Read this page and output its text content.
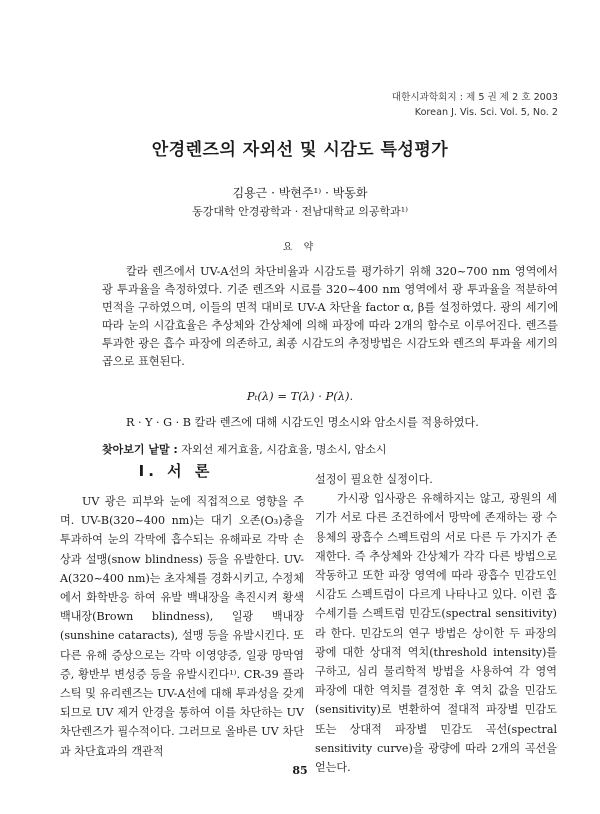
대한시과학회지 : 제 5 권 제 2 호 2003
Korean J. Vis. Sci. Vol. 5, No. 2
안경렌즈의 자외선 및 시감도 특성평가
김용근 · 박현주¹⁾ · 박동화
동강대학 안경광학과 · 전남대학교 의공학과¹⁾
요 약

칼라 렌즈에서 UV-A선의 차단비율과 시감도를 평가하기 위해 320~700 nm 영역에서 광 투과율을 측정하였다. 기준 렌즈와 시료를 320~400 nm 영역에서 광 투과율을 적분하여 면적을 구하였으며, 이들의 면적 대비로 UV-A 차단율 factor α, β를 설정하였다. 광의 세기에 따라 눈의 시감효율은 추상체와 간상체에 의해 파장에 따라 2개의 함수로 이루어진다. 렌즈를 투과한 광은 흡수 파장에 의존하고, 최종 시감도의 추정방법은 시감도와 렌즈의 투과율 세기의 곱으로 표현된다.

Pₜ(λ) = T(λ) · P(λ).
R · Y · G · B 칼라 렌즈에 대해 시감도인 명소시와 암소시를 적용하였다.
찾아보기 낱말 : 자외선 제거효율, 시감효율, 명소시, 암소시
I. 서 론

UV 광은 피부와 눈에 직접적으로 영향을 주며. UV-B(320~400 nm)는 대기 오존(O₃)층을 투과하여 눈의 각막에 흡수되는 유해파로 각막 손상과 설맹(snow blindness) 등을 유발한다. UV-A(320~400 nm)는 초자체를 경화시키고, 수정체에서 화학반응 하여 유발 백내장을 촉진시켜 황색 백내장(Brown blindness), 일광 백내장(sunshine cataracts), 설맹 등을 유발시킨다. 또 다른 유해 증상으로는 각막 이영양증, 일광 망막염증, 황반부 변성증 등을 유발시킨다¹⁾. CR-39 플라스틱 및 유리렌즈는 UV-A선에 대해 투과성을 갖게 되므로 UV 제거 안경을 통하여 이를 차단하는 UV 차단렌즈가 필수적이다. 그러므로 올바른 UV 차단과 차단효과의 객관적

설정이 필요한 실정이다.

가시광 입사광은 유해하지는 않고, 광원의 세기가 서로 다른 조건하에서 망막에 존재하는 광 수용체의 광흡수 스펙트럼의 서로 다른 두 가지가 존재한다. 즉 추상체와 간상체가 각각 다른 방법으로 작동하고 또한 파장 영역에 따라 광흡수 민감도인 시감도 스펙트럼이 다르게 나타나고 있다. 이런 흡수세기를 스펙트럼 민감도(spectral sensitivity)라 한다. 민감도의 연구 방법은 상이한 두 파장의 광에 대한 상대적 역치(threshold intensity)를 구하고, 심리 물리학적 방법을 사용하여 각 영역 파장에 대한 역치를 결정한 후 역치 값을 민감도(sensitivity)로 변환하여 절대적 파장별 민감도 또는 상대적 파장별 민감도 곡선(spectral sensitivity curve)을 광량에 따라 2개의 곡선을 얻는다.

85
